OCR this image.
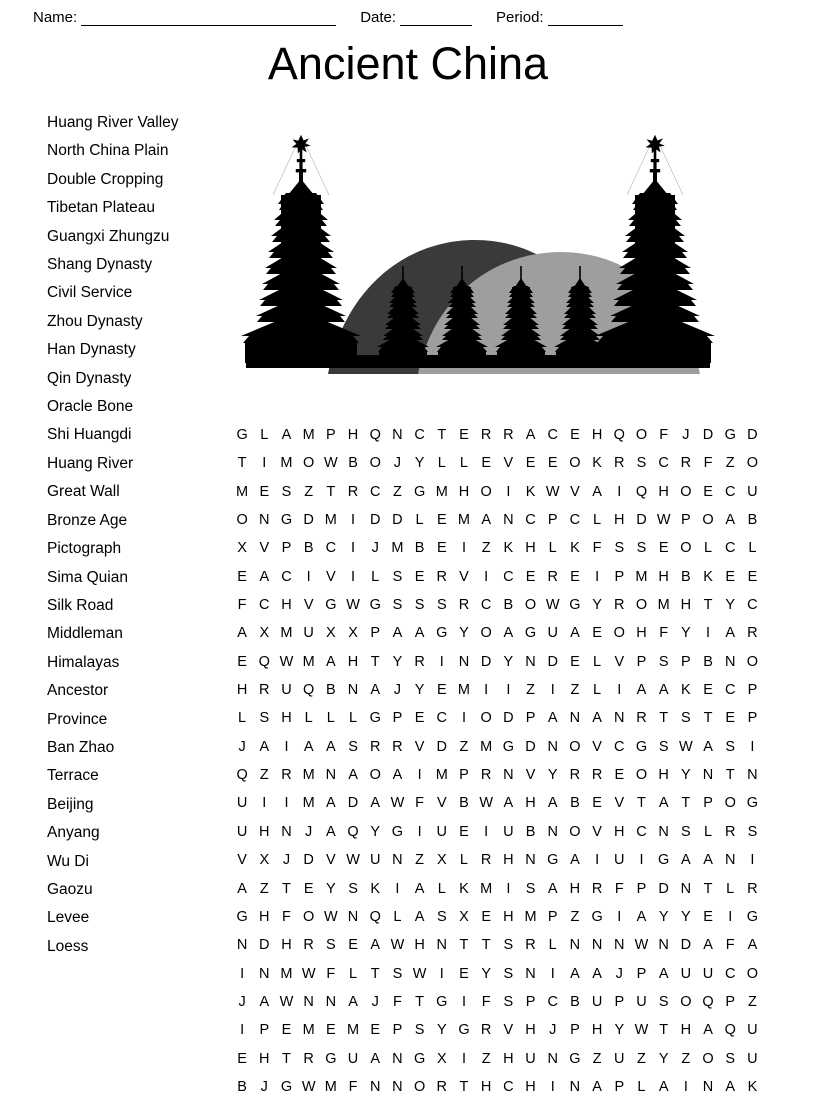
Name:	Date:	Period:
Ancient China
Huang River Valley
North China Plain
Double Cropping
Tibetan Plateau
Guangxi Zhungzu
Shang Dynasty
Civil Service
Zhou Dynasty
Han Dynasty
Qin Dynasty
Oracle Bone
Shi Huangdi
Huang River
Great Wall
Bronze Age
Pictograph
Sima Quian
Silk Road
Middleman
Himalayas
Ancestor
Province
Ban Zhao
Terrace
Beijing
Anyang
Wu Di
Gaozu
Levee
Loess
G L A M P H Q N C T E R R A C E H Q O F J D G D
T	I M O W B O J Y L L E V E E O K R S C R F Z O
M E S Z T R C Z G M H O	I	K W V A	I	Q H O E C U
O N G D M I	D D L E M A N C P C L H D W P O A B
X V P B C	I	J M B E	I	Z K H L K F S S E O L C L
E A C	I	V	I	L S E R V	I	C E R E	I	P M H B K E E
F C H V G W G S S S R C B O W G Y R O M H T Y C
A X M U X X P A A G Y O A G U A E O H F Y	I	A R
E Q W M A H T Y R	I	N D Y N D E L V P S P B N O
H R U Q B N A J Y E M I	I	Z	I	Z L	I	A A K E C P
L S H L L L G P E C	I	O D P A N A N R T S T E P
J A	I	A A S R R V D Z M G D N O V C G S W A S	I
Q Z R M N A O A	I M P R N V Y R R E O H Y N T N
U	I	I M A D A W F V B W A H A B E V T A T P O G
U H N J A Q Y G	I	U E	I	U B N O V H C N S L R S
V X J D V W U N Z X L R H N G A	I	U	I	G A A N	I
A Z T E Y S K	I	A L K M I	S A H R F P D N T L R
G H F O W N Q L A S X E H M P Z G	I	A Y Y E	I	G
N D H R S E A W H N T T S R L N N N W N D A F A
I	N M W F L T S W I	E Y S N	I	A A J P A U U C O
J A W N N A J F T G	I	F S P C B U P U S O Q P Z
I	P E M E M E P S Y G R V H J P H Y W T H A Q U
E H T R G U A N G X	I	Z H U N G Z U Z Y Z O S U
B J G W M F N N O R T H C H	I	N A P L A	I	N A K
